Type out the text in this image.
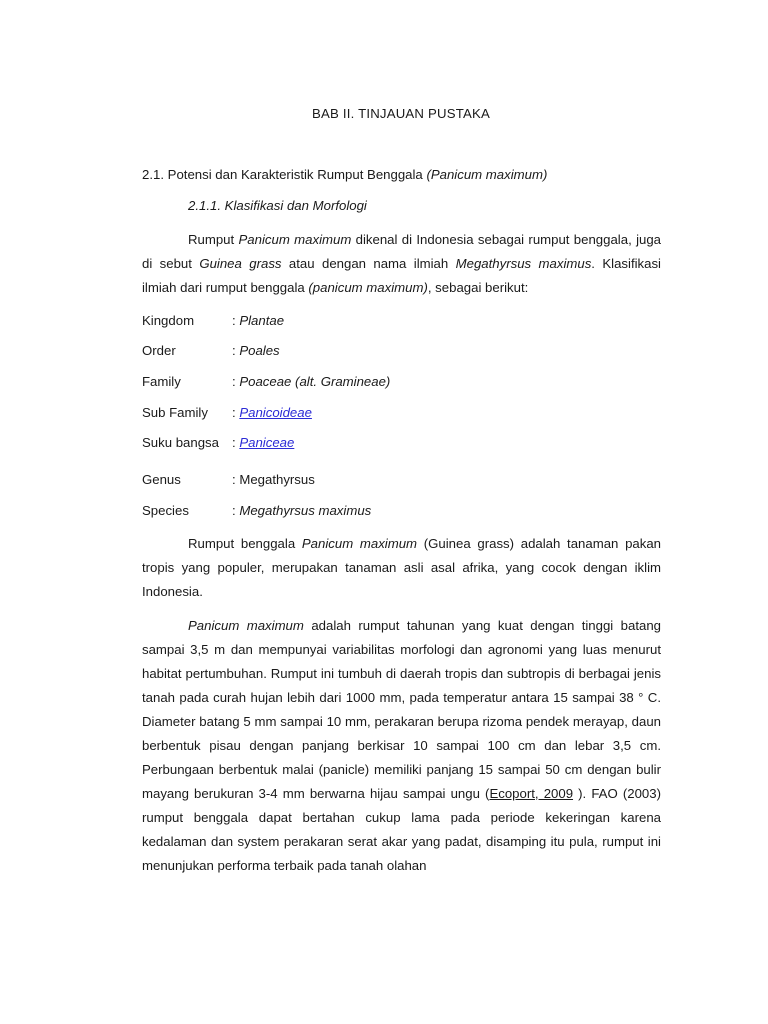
BAB II. TINJAUAN PUSTAKA
2.1. Potensi dan Karakteristik Rumput Benggala (Panicum maximum)
2.1.1. Klasifikasi dan Morfologi
Rumput Panicum maximum dikenal di Indonesia sebagai rumput benggala, juga di sebut Guinea grass atau dengan nama ilmiah Megathyrsus maximus. Klasifikasi ilmiah dari rumput benggala (panicum maximum), sebagai berikut:
Kingdom	: Plantae
Order	: Poales
Family	: Poaceae (alt. Gramineae)
Sub Family : Panicoideae
Suku bangsa : Paniceae
Genus	: Megathyrsus
Species	: Megathyrsus maximus
Rumput benggala Panicum maximum (Guinea grass) adalah tanaman pakan tropis yang populer, merupakan tanaman asli asal afrika, yang cocok dengan iklim Indonesia.
Panicum maximum adalah rumput tahunan yang kuat dengan tinggi batang sampai 3,5 m dan mempunyai variabilitas morfologi dan agronomi yang luas menurut habitat pertumbuhan. Rumput ini tumbuh di daerah tropis dan subtropis di berbagai jenis tanah pada curah hujan lebih dari 1000 mm, pada temperatur antara 15 sampai 38 ° C. Diameter batang 5 mm sampai 10 mm, perakaran berupa rizoma pendek merayap, daun berbentuk pisau dengan panjang berkisar 10 sampai 100 cm dan lebar 3,5 cm. Perbungaan berbentuk malai (panicle) memiliki panjang 15 sampai 50 cm dengan bulir mayang berukuran 3-4 mm berwarna hijau sampai ungu (Ecoport, 2009 ). FAO (2003) rumput benggala dapat bertahan cukup lama pada periode kekeringan karena kedalaman dan system perakaran serat akar yang padat, disamping itu pula, rumput ini menunjukan performa terbaik pada tanah olahan
